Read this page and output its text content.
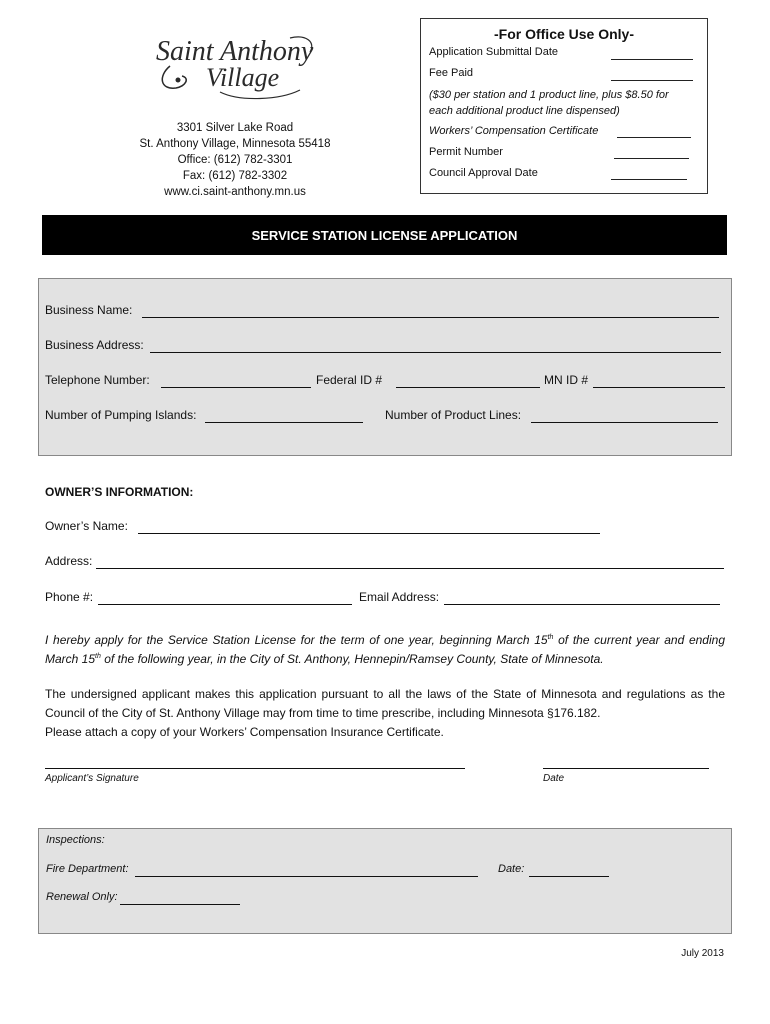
Saint Anthony
Village
3301 Silver Lake Road
St. Anthony Village, Minnesota 55418
Office: (612) 782-3301
Fax: (612) 782-3302
www.ci.saint-anthony.mn.us
-For Office Use Only-
Application Submittal Date
Fee Paid
($30 per station and 1 product line, plus $8.50 for each additional product line dispensed)
Workers’ Compensation Certificate
Permit Number
Council Approval Date
SERVICE STATION LICENSE APPLICATION
Business Name:
Business Address:
Telephone Number:	Federal ID #	MN ID #
Number of Pumping Islands:	Number of Product Lines:
OWNER’S INFORMATION:
Owner’s Name:
Address:
Phone #:	Email Address:
I hereby apply for the Service Station License for the term of one year, beginning March 15th of the current year and ending March 15th of the following year, in the City of St. Anthony, Hennepin/Ramsey County, State of Minnesota.
The undersigned applicant makes this application pursuant to all the laws of the State of Minnesota and regulations as the Council of the City of St. Anthony Village may from time to time prescribe, including Minnesota §176.182.
Please attach a copy of your Workers’ Compensation Insurance Certificate.
Applicant’s Signature	Date
Inspections:
Fire Department:	Date:
Renewal Only:
July 2013
